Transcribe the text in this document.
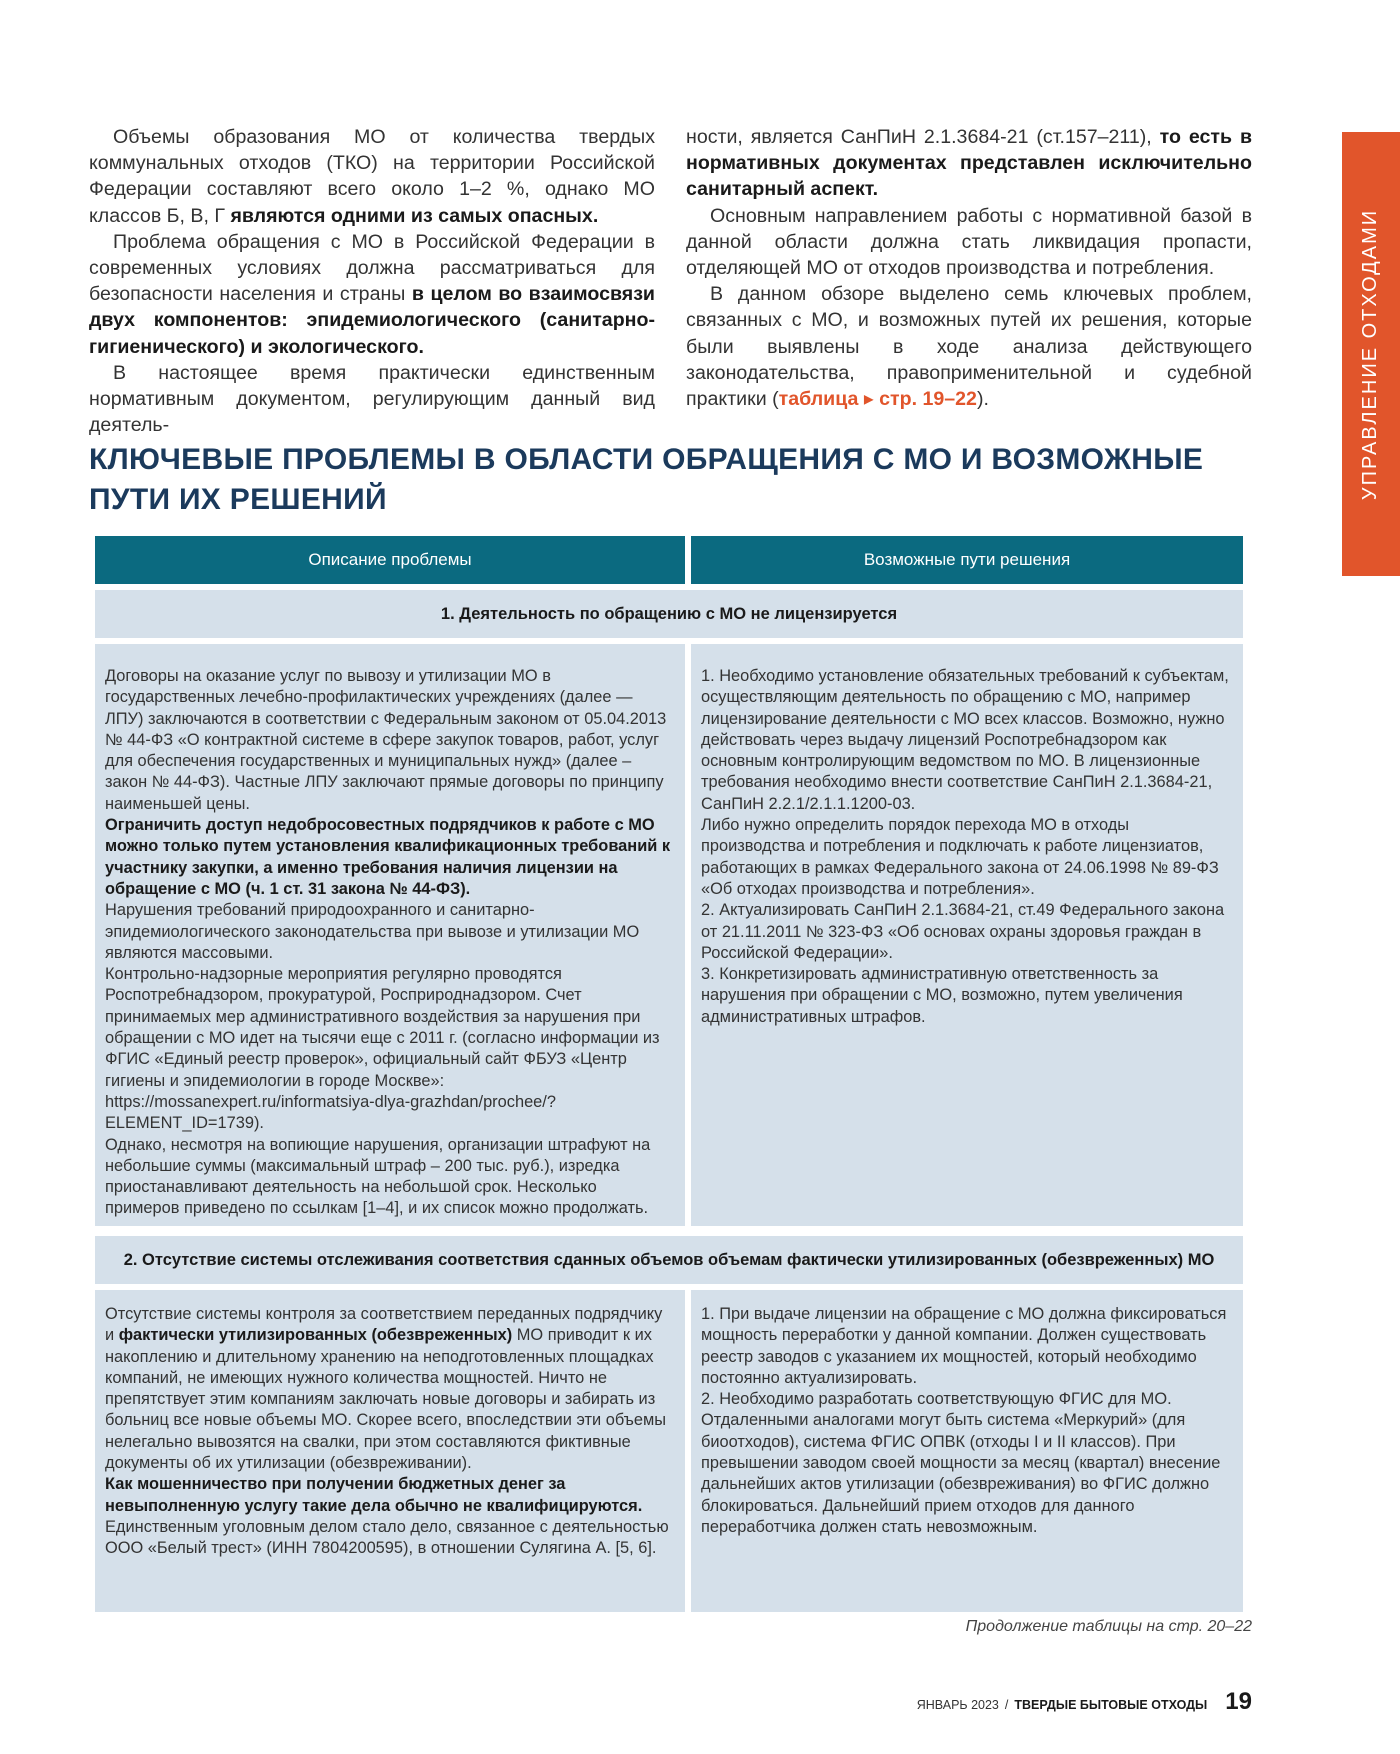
УПРАВЛЕНИЕ ОТХОДАМИ

Объемы образования МО от количества твердых коммунальных отходов (ТКО) на территории Российской Федерации составляют всего около 1–2 %, однако МО классов Б, В, Г являются одними из самых опасных.

Проблема обращения с МО в Российской Федерации в современных условиях должна рассматриваться для безопасности населения и страны в целом во взаимосвязи двух компонентов: эпидемиологического (санитарно-гигиенического) и экологического.

В настоящее время практически единственным нормативным документом, регулирующим данный вид деятель-

ности, является СанПиН 2.1.3684-21 (ст.157–211), то есть в нормативных документах представлен исключительно санитарный аспект.

Основным направлением работы с нормативной базой в данной области должна стать ликвидация пропасти, отделяющей МО от отходов производства и потребления.

В данном обзоре выделено семь ключевых проблем, связанных с МО, и возможных путей их решения, которые были выявлены в ходе анализа действующего законодательства, правоприменительной и судебной практики (таблица ▸ стр. 19–22).

КЛЮЧЕВЫЕ ПРОБЛЕМЫ В ОБЛАСТИ ОБРАЩЕНИЯ С МО И ВОЗМОЖНЫЕ ПУТИ ИХ РЕШЕНИЙ
Описание проблемы	Возможные пути решения
1. Деятельность по обращению с МО не лицензируется

Договоры на оказание услуг по вывозу и утилизации МО в государственных лечебно-профилактических учреждениях (далее — ЛПУ) заключаются в соответствии с Федеральным законом от 05.04.2013 № 44-ФЗ «О контрактной системе в сфере закупок товаров, работ, услуг для обеспечения государственных и муниципальных нужд» (далее – закон № 44-ФЗ). Частные ЛПУ заключают прямые договоры по принципу наименьшей цены.

Ограничить доступ недобросовестных подрядчиков к работе с МО можно только путем установления квалификационных требований к участнику закупки, а именно требования наличия лицензии на обращение с МО (ч. 1 ст. 31 закона № 44-ФЗ).

Нарушения требований природоохранного и санитарно-эпидемиологического законодательства при вывозе и утилизации МО являются массовыми.

Контрольно-надзорные мероприятия регулярно проводятся Роспотребнадзором, прокуратурой, Росприроднадзором. Счет принимаемых мер административного воздействия за нарушения при обращении с МО идет на тысячи еще с 2011 г. (согласно информации из ФГИС «Единый реестр проверок», официальный сайт ФБУЗ «Центр гигиены и эпидемиологии в городе Москве»: https://mossanexpert.ru/informatsiya-dlya-grazhdan/prochee/?ELEMENT_ID=1739).

Однако, несмотря на вопиющие нарушения, организации штрафуют на небольшие суммы (максимальный штраф – 200 тыс. руб.), изредка приостанавливают деятельность на небольшой срок. Несколько примеров приведено по ссылкам [1–4], и их список можно продолжать.

1. Необходимо установление обязательных требований к субъектам, осуществляющим деятельность по обращению с МО, например лицензирование деятельности с МО всех классов. Возможно, нужно действовать через выдачу лицензий Роспотребнадзором как основным контролирующим ведомством по МО. В лицензионные требования необходимо внести соответствие СанПиН 2.1.3684-21, СанПиН 2.2.1/2.1.1.1200-03.

Либо нужно определить порядок перехода МО в отходы производства и потребления и подключать к работе лицензиатов, работающих в рамках Федерального закона от 24.06.1998 № 89-ФЗ «Об отходах производства и потребления».

2. Актуализировать СанПиН 2.1.3684-21, ст.49 Федерального закона от 21.11.2011 № 323-ФЗ «Об основах охраны здоровья граждан в Российской Федерации».

3. Конкретизировать административную ответственность за нарушения при обращении с МО, возможно, путем увеличения административных штрафов.

2. Отсутствие системы отслеживания соответствия сданных объемов объемам фактически утилизированных (обезвреженных) МО

Отсутствие системы контроля за соответствием переданных подрядчику и фактически утилизированных (обезвреженных) МО приводит к их накоплению и длительному хранению на неподготовленных площадках компаний, не имеющих нужного количества мощностей. Ничто не препятствует этим компаниям заключать новые договоры и забирать из больниц все новые объемы МО. Скорее всего, впоследствии эти объемы нелегально вывозятся на свалки, при этом составляются фиктивные документы об их утилизации (обезвреживании).

Как мошенничество при получении бюджетных денег за невыполненную услугу такие дела обычно не квалифицируются.

Единственным уголовным делом стало дело, связанное с деятельностью ООО «Белый трест» (ИНН 7804200595), в отношении Сулягина А. [5, 6].

1. При выдаче лицензии на обращение с МО должна фиксироваться мощность переработки у данной компании. Должен существовать реестр заводов с указанием их мощностей, который необходимо постоянно актуализировать.

2. Необходимо разработать соответствующую ФГИС для МО. Отдаленными аналогами могут быть система «Меркурий» (для биоотходов), система ФГИС ОПВК (отходы I и II классов). При превышении заводом своей мощности за месяц (квартал) внесение дальнейших актов утилизации (обезвреживания) во ФГИС должно блокироваться. Дальнейший прием отходов для данного переработчика должен стать невозможным.

Продолжение таблицы на стр. 20–22
ЯНВАРЬ 2023 / ТВЕРДЫЕ БЫТОВЫЕ ОТХОДЫ 19
